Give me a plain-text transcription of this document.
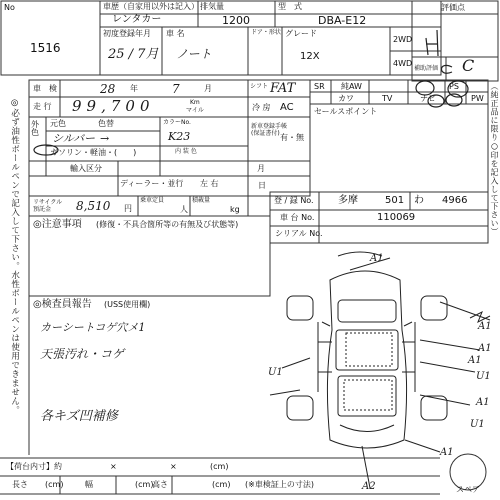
No
1516
車歴（自家用以外は記入）
レンタカー
排気量
1200
型　式
DBA-E12
初度登録年月
25 / 7月
車 名
ノート
ドア・形状 グレード
12X
2WD
4WD
評価点
補助評価
車　検	28 年	7	月
走 行 99,700	Km
マイル
外　色
元色	色替
シルバー →
カラーNo.
K23
ガソリン・軽油・(　　)	内 装 色
輸入区分
ディーラー・並行 左 右
シフト FAT
冷 房 AC
新車登録手帳(保証書付) 有・無
月
日
SR 純AW	PS
カワ	TV	ナビ	PW
セールスポイント
リサイクル預託金	8,510 円
乗車定員
人
積載量
kg
登 / 録 No. 多摩	501 わ 4966
車 台 No.	110069
シリアル No.
◎注意事項 (修復・不具合箇所等の有無及び状態等)
◎検査員報告 (USS使用欄)
カーシートコゲ穴メ1
天張汚れ・コゲ
各キズ凹補修
◎必ず油性ボールペンで記入して下さい。水性ボールペンは使用できません。	（純正品に限り○印を記入して下さい）
A1
A1
A1
U1	U1
A1
A2
A1
A1
U1
【荷台内寸】約	×	×	(cm)
長さ (cm)	幅	(cm)
高さ	(cm) (※車検証上の寸法)
スペア
C
